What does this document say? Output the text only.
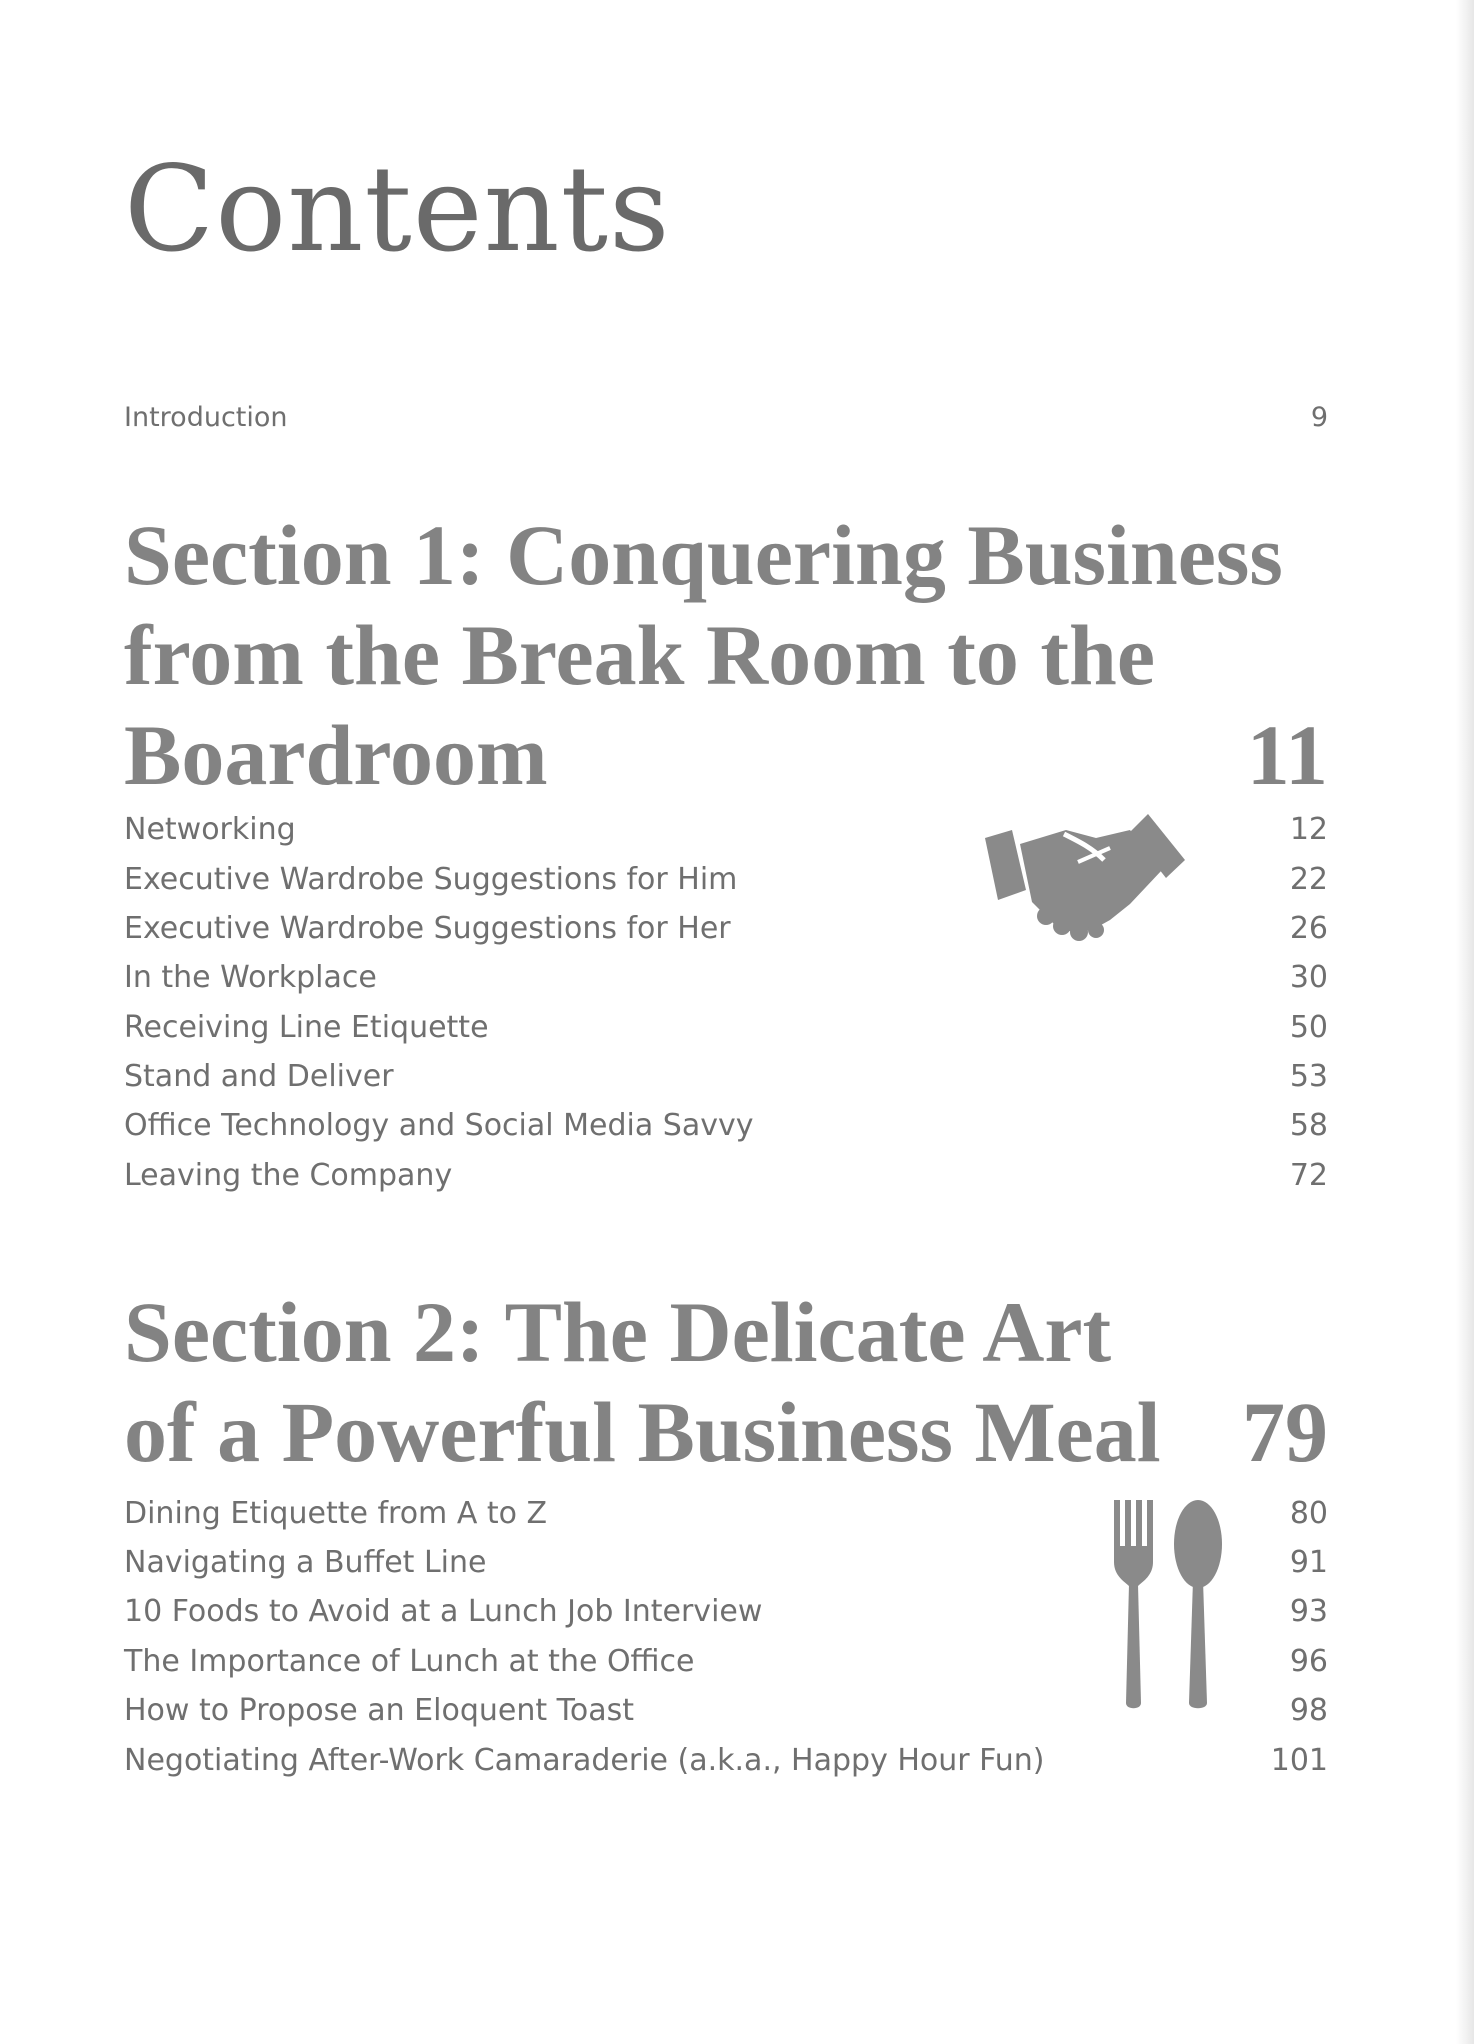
Contents
Introduction	9
Section 1: Conquering Business
from the Break Room to the
Boardroom	11
Networking	12
Executive Wardrobe Suggestions for Him	22
Executive Wardrobe Suggestions for Her	26
In the Workplace	30
Receiving Line Etiquette	50
Stand and Deliver	53
Office Technology and Social Media Savvy	58
Leaving the Company	72
Section 2: The Delicate Art
of a Powerful Business Meal 79
Dining Etiquette from A to Z	80
Navigating a Buffet Line	91
10 Foods to Avoid at a Lunch Job Interview	93
The Importance of Lunch at the Office	96
How to Propose an Eloquent Toast	98
Negotiating After-Work Camaraderie (a.k.a., Happy Hour Fun)	101
